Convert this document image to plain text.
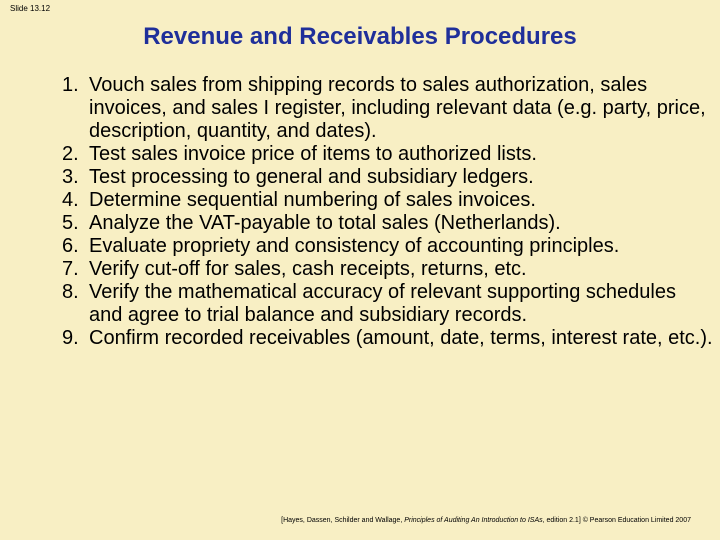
Slide 13.12
Revenue and Receivables Procedures
1. Vouch sales from shipping records to sales authorization, sales invoices, and sales I register, including relevant data (e.g. party, price, description, quantity, and dates).
2. Test sales invoice price of items to authorized lists.
3. Test processing to general and subsidiary ledgers.
4. Determine sequential numbering of sales invoices.
5. Analyze the VAT-payable to total sales (Netherlands).
6. Evaluate propriety and consistency of accounting principles.
7. Verify cut-off for sales, cash receipts, returns, etc.
8. Verify the mathematical accuracy of relevant supporting schedules and agree to trial balance and subsidiary records.
9. Confirm recorded receivables (amount, date, terms, interest rate, etc.).
[Hayes, Dassen, Schilder and Wallage, Principles of Auditing An Introduction to ISAs, edition 2.1] © Pearson Education Limited 2007
